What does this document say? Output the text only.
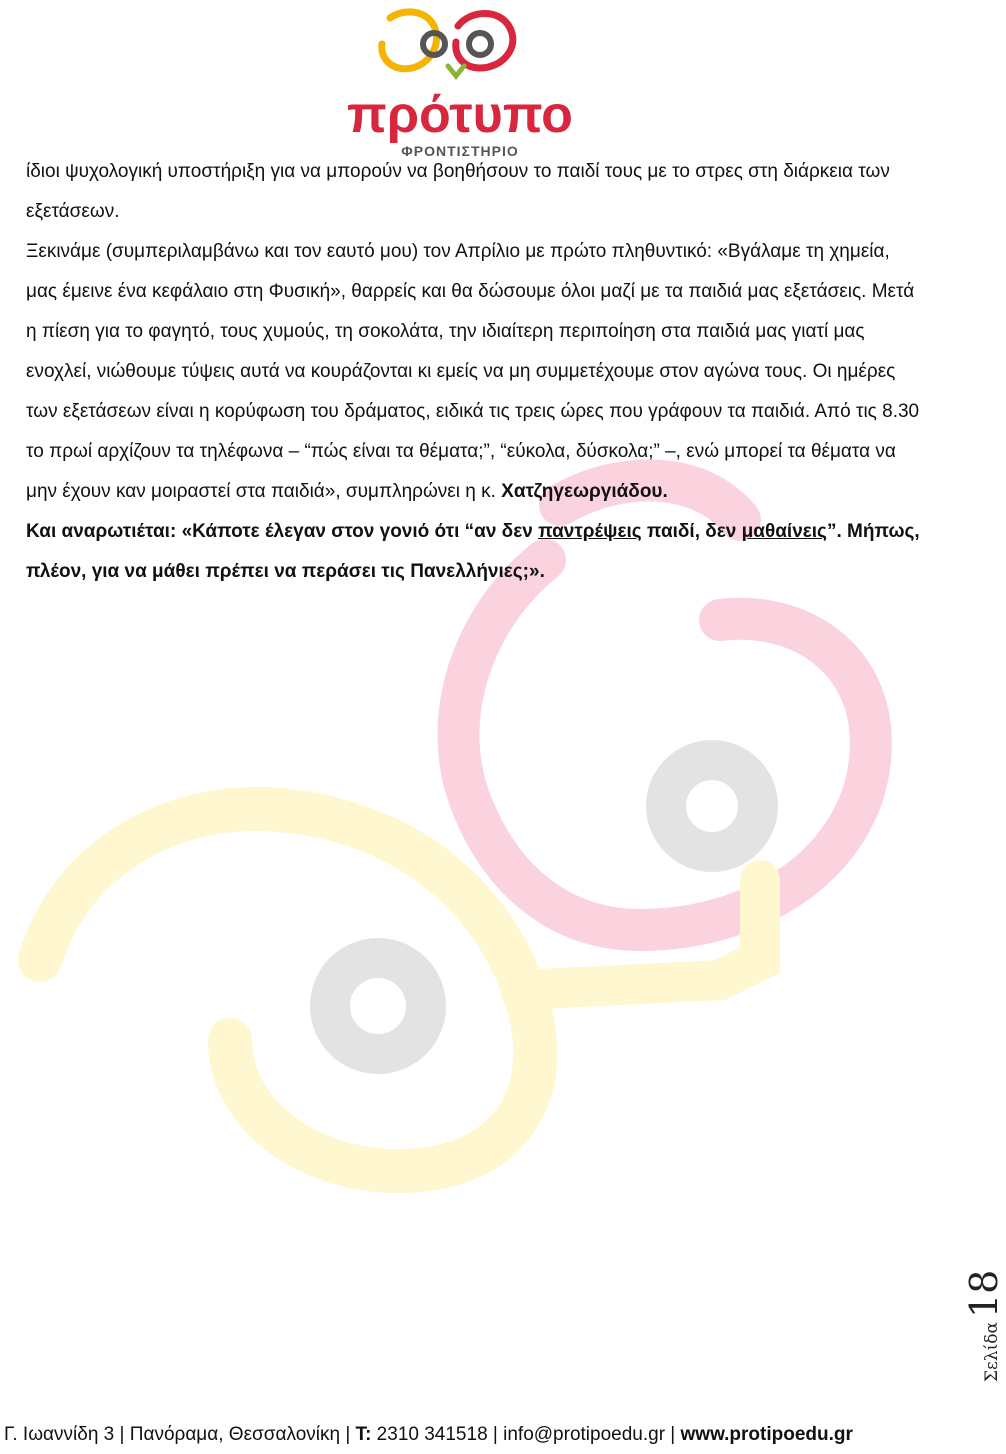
πρότυπο
ΦΡΟΝΤΙΣΤΗΡΙΟ

ίδιοι ψυχολογική υποστήριξη για να μπορούν να βοηθήσουν το παιδί τους με το στρες στη διάρκεια των εξετάσεων.

Ξεκινάμε (συμπεριλαμβάνω και τον εαυτό μου) τον Απρίλιο με πρώτο πληθυντικό: «Βγάλαμε τη χημεία, μας έμεινε ένα κεφάλαιο στη Φυσική», θαρρείς και θα δώσουμε όλοι μαζί με τα παιδιά μας εξετάσεις. Μετά η πίεση για το φαγητό, τους χυμούς, τη σοκολάτα, την ιδιαίτερη περιποίηση στα παιδιά μας γιατί μας ενοχλεί, νιώθουμε τύψεις αυτά να κουράζονται κι εμείς να μη συμμετέχουμε στον αγώνα τους. Οι ημέρες των εξετάσεων είναι η κορύφωση του δράματος, ειδικά τις τρεις ώρες που γράφουν τα παιδιά. Από τις 8.30 το πρωί αρχίζουν τα τηλέφωνα – “πώς είναι τα θέματα;”, “εύκολα, δύσκολα;” –, ενώ μπορεί τα θέματα να μην έχουν καν μοιραστεί στα παιδιά», συμπληρώνει η κ. Χατζηγεωργιάδου.

Και αναρωτιέται: «Κάποτε έλεγαν στον γονιό ότι “αν δεν παντρέψεις παιδί, δεν μαθαίνεις”. Μήπως, πλέον, για να μάθει πρέπει να περάσει τις Πανελλήνιες;».

Σελίδα18
Γ. Ιωαννίδη 3 | Πανόραμα, Θεσσαλονίκη | Τ: 2310 341518 | info@protipoedu.gr | www.protipoedu.gr
